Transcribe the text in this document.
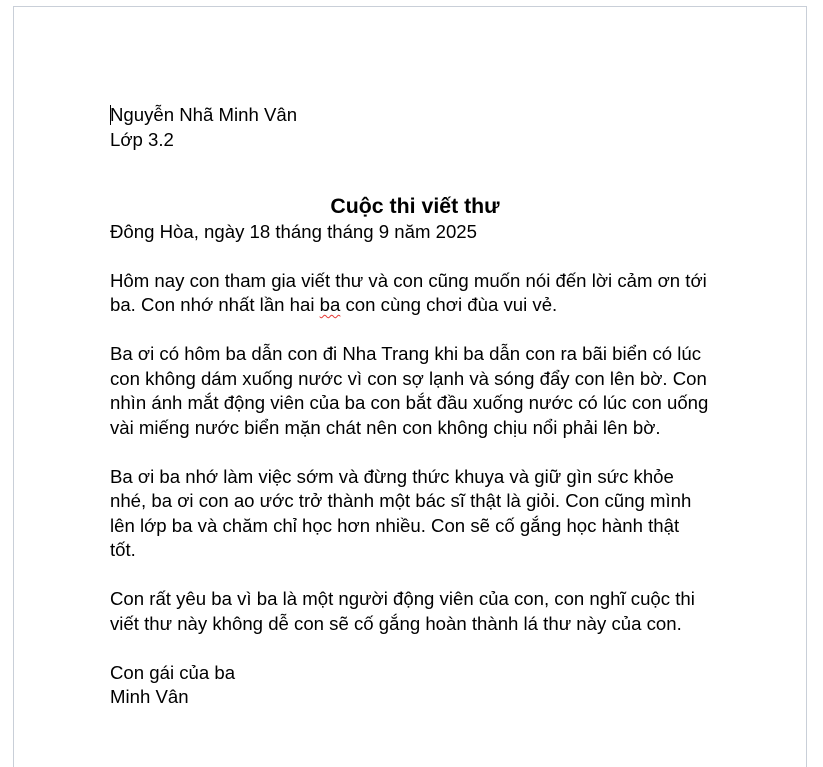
Nguyễn Nhã Minh Vân

Lớp 3.2

Cuộc thi viết thư

Đông Hòa, ngày 18 tháng tháng 9 năm 2025

Hôm nay con tham gia viết thư và con cũng muốn nói đến lời cảm ơn tới

ba. Con nhớ nhất lần hai ba con cùng chơi đùa vui vẻ.

Ba ơi có hôm ba dẫn con đi Nha Trang khi ba dẫn con ra bãi biển có lúc

con không dám xuống nước vì con sợ lạnh và sóng đẩy con lên bờ. Con

nhìn ánh mắt động viên của ba con bắt đầu xuống nước có lúc con uống

vài miếng nước biển mặn chát nên con không chịu nổi phải lên bờ.

Ba ơi ba nhớ làm việc sớm và đừng thức khuya và giữ gìn sức khỏe

nhé, ba ơi con ao ước trở thành một bác sĩ thật là giỏi. Con cũng mình

lên lớp ba và chăm chỉ học hơn nhiều. Con sẽ cố gắng học hành thật

tốt.

Con rất yêu ba vì ba là một người động viên của con, con nghĩ cuộc thi

viết thư này không dễ con sẽ cố gắng hoàn thành lá thư này của con.

Con gái của ba

Minh Vân
